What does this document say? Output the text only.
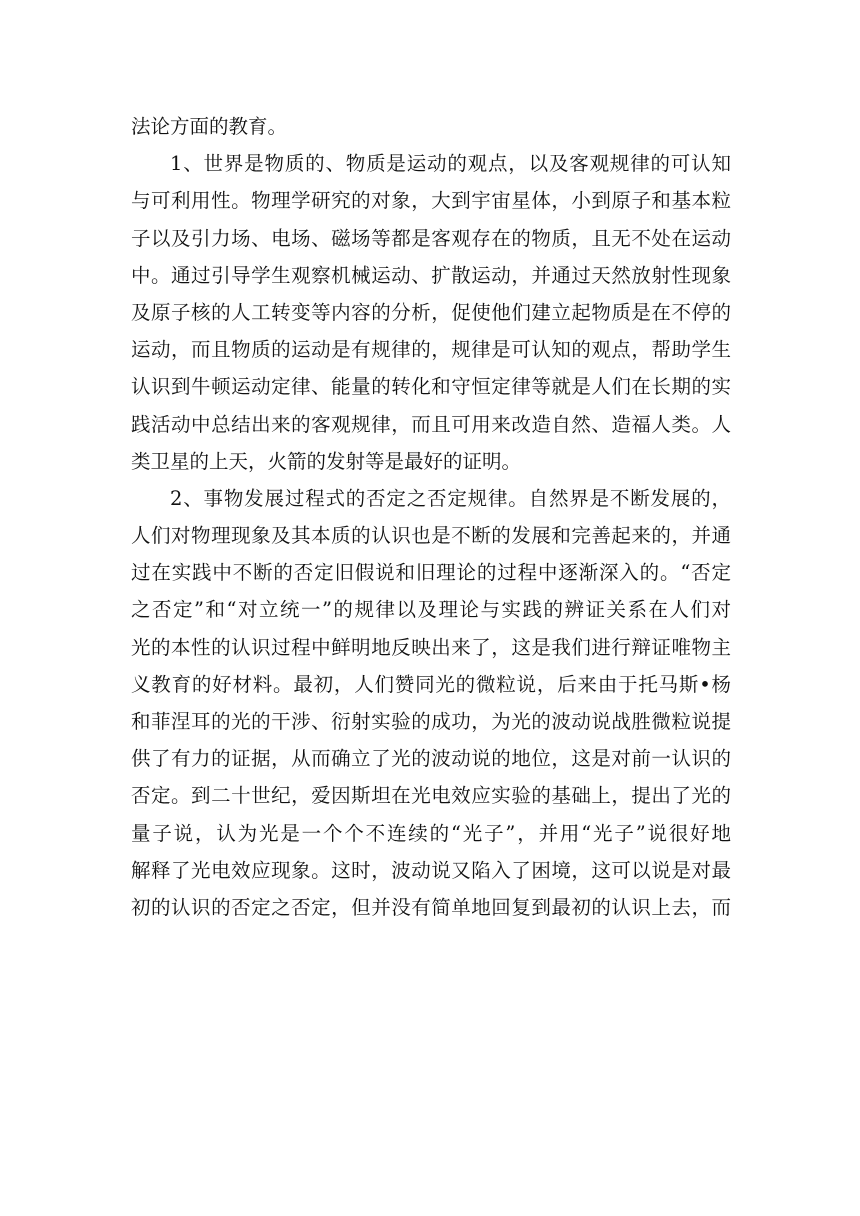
法论方面的教育。
1、世界是物质的、物质是运动的观点，以及客观规律的可认知
与可利用性。物理学研究的对象，大到宇宙星体，小到原子和基本粒
子以及引力场、电场、磁场等都是客观存在的物质，且无不处在运动
中。通过引导学生观察机械运动、扩散运动，并通过天然放射性现象
及原子核的人工转变等内容的分析，促使他们建立起物质是在不停的
运动，而且物质的运动是有规律的，规律是可认知的观点，帮助学生
认识到牛顿运动定律、能量的转化和守恒定律等就是人们在长期的实
践活动中总结出来的客观规律，而且可用来改造自然、造福人类。人
类卫星的上天，火箭的发射等是最好的证明。
2、事物发展过程式的否定之否定规律。自然界是不断发展的，
人们对物理现象及其本质的认识也是不断的发展和完善起来的，并通
过在实践中不断的否定旧假说和旧理论的过程中逐渐深入的。“否定
之否定”和“对立统一”的规律以及理论与实践的辨证关系在人们对
光的本性的认识过程中鲜明地反映出来了，这是我们进行辩证唯物主
义教育的好材料。最初，人们赞同光的微粒说，后来由于托马斯•杨
和菲涅耳的光的干涉、衍射实验的成功，为光的波动说战胜微粒说提
供了有力的证据，从而确立了光的波动说的地位，这是对前一认识的
否定。到二十世纪，爱因斯坦在光电效应实验的基础上，提出了光的
量子说，认为光是一个个不连续的“光子”，并用“光子”说很好地
解释了光电效应现象。这时，波动说又陷入了困境，这可以说是对最
初的认识的否定之否定，但并没有简单地回复到最初的认识上去，而
